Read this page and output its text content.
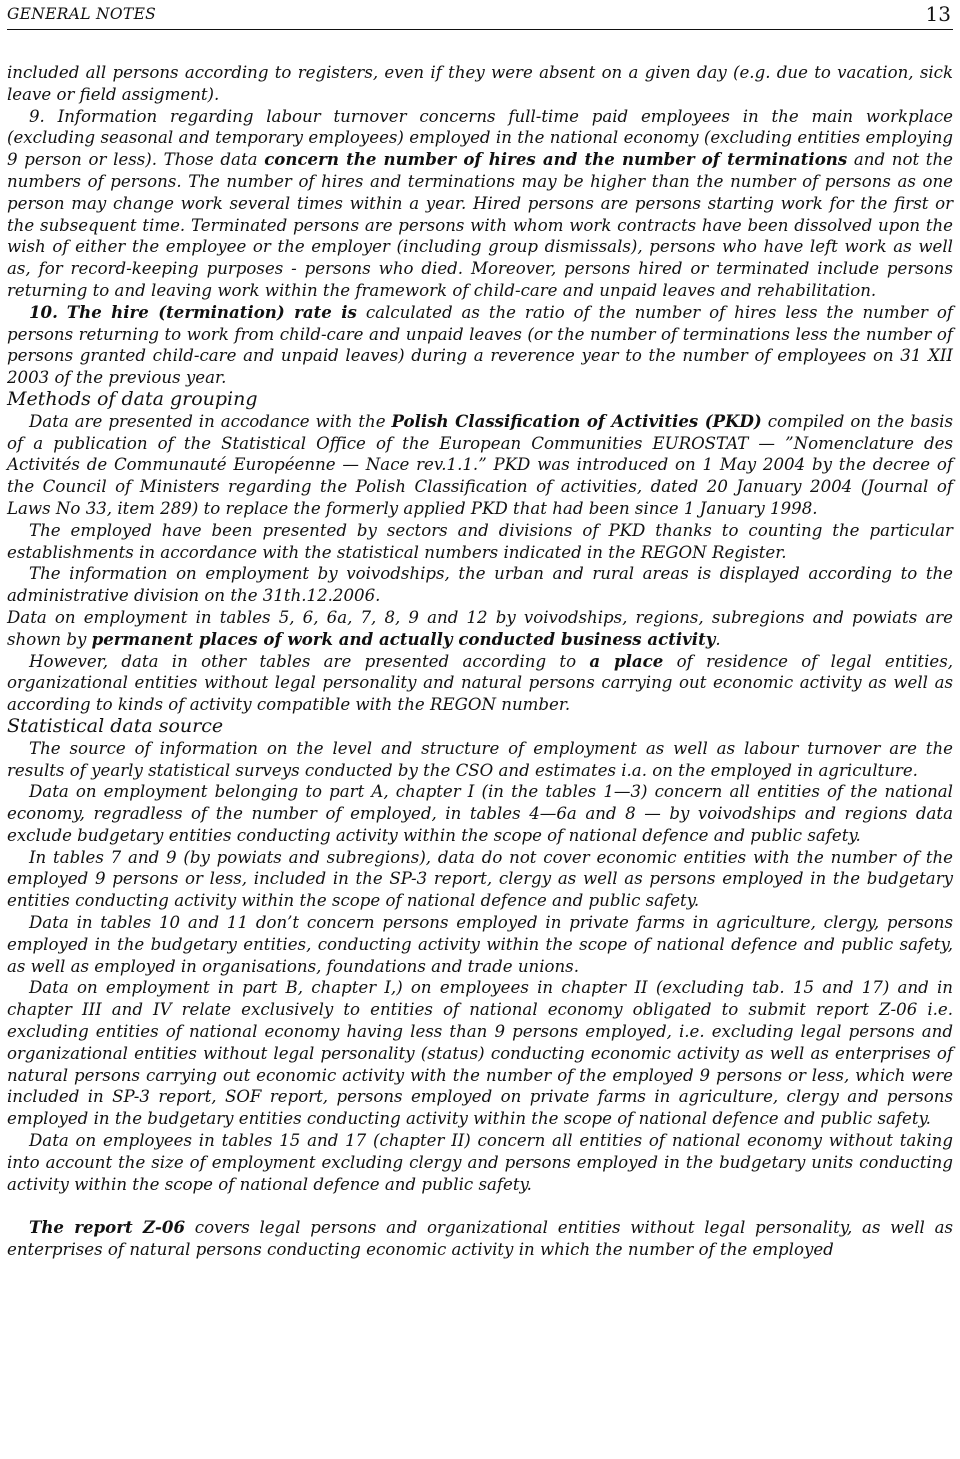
GENERAL NOTES	13

included all persons according to registers, even if they were absent on a given day (e.g. due to vacation, sick leave or field assigment).

9. Information regarding labour turnover concerns full-time paid employees in the main workplace (excluding seasonal and temporary employees) employed in the national economy (excluding entities employing 9 person or less). Those data concern the number of hires and the number of terminations and not the numbers of persons. The number of hires and terminations may be higher than the number of persons as one person may change work several times within a year. Hired persons are persons starting work for the first or the subsequent time. Terminated persons are persons with whom work contracts have been dissolved upon the wish of either the employee or the employer (including group dismissals), persons who have left work as well as, for record-keeping purposes - persons who died. Moreover, persons hired or terminated include persons returning to and leaving work within the framework of child-care and unpaid leaves and rehabilitation.

10. The hire (termination) rate is calculated as the ratio of the number of hires less the number of persons returning to work from child-care and unpaid leaves (or the number of terminations less the number of persons granted child-care and unpaid leaves) during a reverence year to the number of employees on 31 XII 2003 of the previous year.

Methods of data grouping

Data are presented in accodance with the Polish Classification of Activities (PKD) compiled on the basis of a publication of the Statistical Office of the European Communities EUROSTAT — ”Nomenclature des Activités de Communauté Européenne — Nace rev.1.1.” PKD was introduced on 1 May 2004 by the decree of the Council of Ministers regarding the Polish Classification of activities, dated 20 January 2004 (Journal of Laws No 33, item 289) to replace the formerly applied PKD that had been since 1 January 1998.

The employed have been presented by sectors and divisions of PKD thanks to counting the particular establishments in accordance with the statistical numbers indicated in the REGON Register.

The information on employment by voivodships, the urban and rural areas is displayed according to the administrative division on the 31th.12.2006.

Data on employment in tables 5, 6, 6a, 7, 8, 9 and 12 by voivodships, regions, subregions and powiats are shown by permanent places of work and actually conducted business activity.

However, data in other tables are presented according to a place of residence of legal entities, organizational entities without legal personality and natural persons carrying out economic activity as well as according to kinds of activity compatible with the REGON number.

Statistical data source

The source of information on the level and structure of employment as well as labour turnover are the results of yearly statistical surveys conducted by the CSO and estimates i.a. on the employed in agriculture.

Data on employment belonging to part A, chapter I (in the tables 1—3) concern all entities of the national economy, regradless of the number of employed, in tables 4—6a and 8 — by voivodships and regions data exclude budgetary entities conducting activity within the scope of national defence and public safety.

In tables 7 and 9 (by powiats and subregions), data do not cover economic entities with the number of the employed 9 persons or less, included in the SP-3 report, clergy as well as persons employed in the budgetary entities conducting activity within the scope of national defence and public safety.

Data in tables 10 and 11 don’t concern persons employed in private farms in agriculture, clergy, persons employed in the budgetary entities, conducting activity within the scope of national defence and public safety, as well as employed in organisations, foundations and trade unions.

Data on employment in part B, chapter I,) on employees in chapter II (excluding tab. 15 and 17) and in chapter III and IV relate exclusively to entities of national economy obligated to submit report Z-06 i.e. excluding entities of national economy having less than 9 persons employed, i.e. excluding legal persons and organizational entities without legal personality (status) conducting economic activity as well as enterprises of natural persons carrying out economic activity with the number of the employed 9 persons or less, which were included in SP-3 report, SOF report, persons employed on private farms in agriculture, clergy and persons employed in the budgetary entities conducting activity within the scope of national defence and public safety.

Data on employees in tables 15 and 17 (chapter II) concern all entities of national economy without taking into account the size of employment excluding clergy and persons employed in the budgetary units conducting activity within the scope of national defence and public safety.

The report Z-06 covers legal persons and organizational entities without legal personality, as well as enterprises of natural persons conducting economic activity in which the number of the employed
